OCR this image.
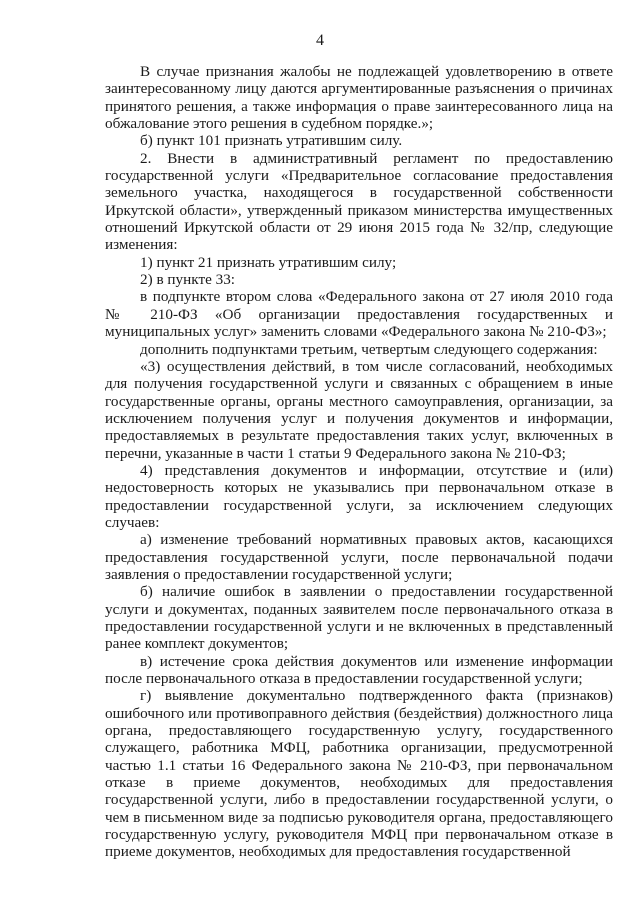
4

В случае признания жалобы не подлежащей удовлетворению в ответе заинтересованному лицу даются аргументированные разъяснения о причинах принятого решения, а также информация о праве заинтересованного лица на обжалование этого решения в судебном порядке.»;

б) пункт 101 признать утратившим силу.

2. Внести в административный регламент по предоставлению государственной услуги «Предварительное согласование предоставления земельного участка, находящегося в государственной собственности Иркутской области», утвержденный приказом министерства имущественных отношений Иркутской области от 29 июня 2015 года № 32/пр, следующие изменения:

1) пункт 21 признать утратившим силу;

2) в пункте 33:

в подпункте втором слова «Федерального закона от 27 июля 2010 года № 210-ФЗ «Об организации предоставления государственных и муниципальных услуг» заменить словами «Федерального закона № 210-ФЗ»;

дополнить подпунктами третьим, четвертым следующего содержания:

«3) осуществления действий, в том числе согласований, необходимых для получения государственной услуги и связанных с обращением в иные государственные органы, органы местного самоуправления, организации, за исключением получения услуг и получения документов и информации, предоставляемых в результате предоставления таких услуг, включенных в перечни, указанные в части 1 статьи 9 Федерального закона № 210-ФЗ;

4) представления документов и информации, отсутствие и (или) недостоверность которых не указывались при первоначальном отказе в предоставлении государственной услуги, за исключением следующих случаев:

а) изменение требований нормативных правовых актов, касающихся предоставления государственной услуги, после первоначальной подачи заявления о предоставлении государственной услуги;

б) наличие ошибок в заявлении о предоставлении государственной услуги и документах, поданных заявителем после первоначального отказа в предоставлении государственной услуги и не включенных в представленный ранее комплект документов;

в) истечение срока действия документов или изменение информации после первоначального отказа в предоставлении государственной услуги;

г) выявление документально подтвержденного факта (признаков) ошибочного или противоправного действия (бездействия) должностного лица органа, предоставляющего государственную услугу, государственного служащего, работника МФЦ, работника организации, предусмотренной частью 1.1 статьи 16 Федерального закона № 210-ФЗ, при первоначальном отказе в приеме документов, необходимых для предоставления государственной услуги, либо в предоставлении государственной услуги, о чем в письменном виде за подписью руководителя органа, предоставляющего государственную услугу, руководителя МФЦ при первоначальном отказе в приеме документов, необходимых для предоставления государственной
